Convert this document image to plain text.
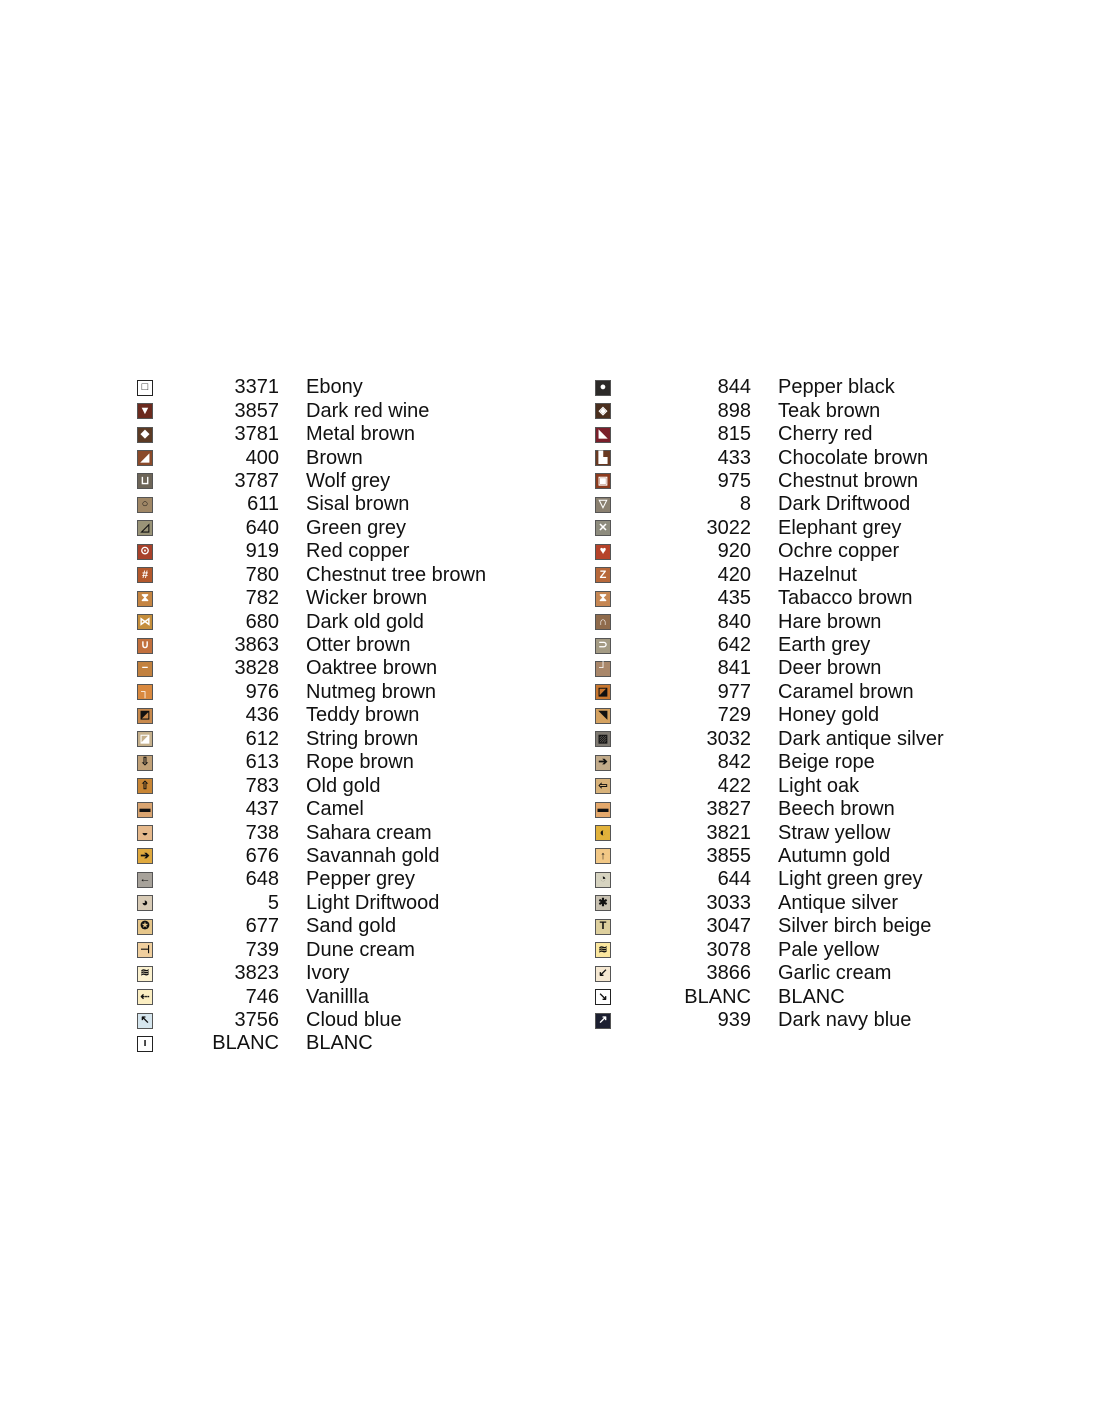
□	3371 Ebony
▼	3857 Dark red wine
◆	3781 Metal brown
◢	400 Brown
⊔	3787 Wolf grey
○	611 Sisal brown
◿	640 Green grey
⊙	919 Red copper
#	780 Chestnut tree brown
⧗	782 Wicker brown
⋈	680 Dark old gold
∪	3863 Otter brown
−	3828 Oaktree brown
┐	976 Nutmeg brown
◩	436 Teddy brown
◪	612 String brown
⇩	613 Rope brown
⇧	783 Old gold
▬	437 Camel
◒	738 Sahara cream
➔	676 Savannah gold
←	648 Pepper grey
◕	5 Light Driftwood
✪	677 Sand gold
⊣	739 Dune cream
≋	3823 Ivory
⇠	746 Vanillla
↖	3756 Cloud blue
ı	BLANC BLANC
●	844 Pepper black
◈	898 Teak brown
◣	815 Cherry red
▙	433 Chocolate brown
▣	975 Chestnut brown
▽	8 Dark Driftwood
✕	3022 Elephant grey
♥	920 Ochre copper
Z	420 Hazelnut
⧗	435 Tabacco brown
∩	840 Hare brown
⊃	642 Earth grey
┘	841 Deer brown
◪	977 Caramel brown
◥	729 Honey gold
▨	3032 Dark antique silver
➔	842 Beige rope
⇦	422 Light oak
▬	3827 Beech brown
◐	3821 Straw yellow
↑	3855 Autumn gold
◔	644 Light green grey
✱	3033 Antique silver
T	3047 Silver birch beige
≋	3078 Pale yellow
↙	3866 Garlic cream
↘	BLANC BLANC
↗	939 Dark navy blue
